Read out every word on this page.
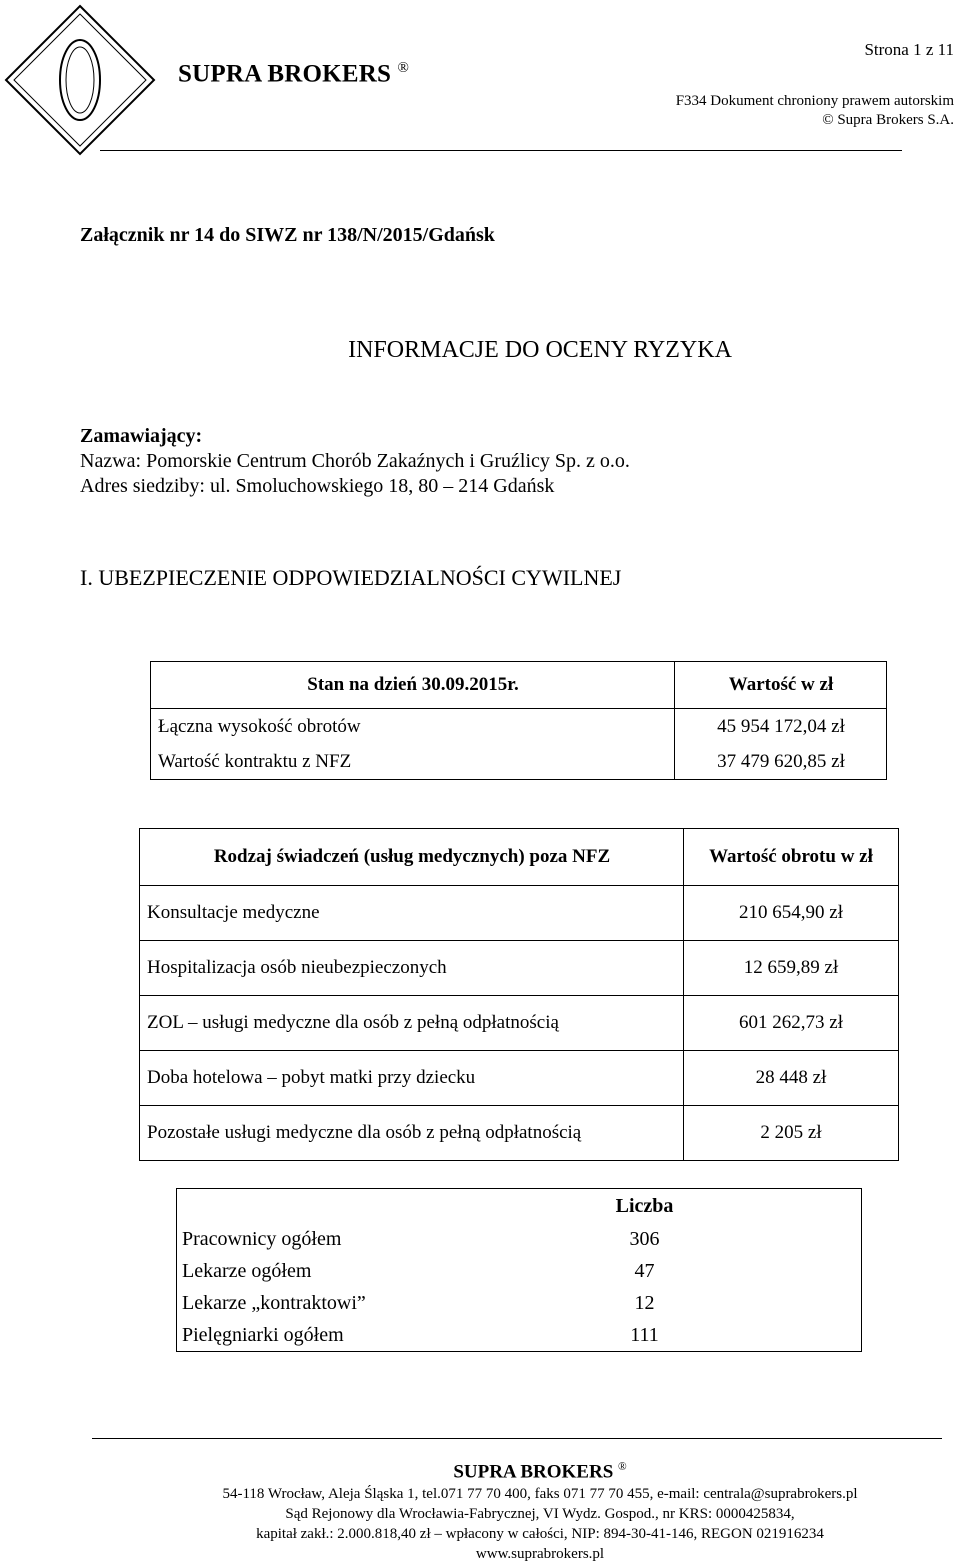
SUPRA BROKERS ®
Strona 1 z 11
F334 Dokument chroniony prawem autorskim
© Supra Brokers S.A.
Załącznik nr 14 do SIWZ nr 138/N/2015/Gdańsk
INFORMACJE DO OCENY RYZYKA
Zamawiający:
Nazwa: Pomorskie Centrum Chorób Zakaźnych i Gruźlicy Sp. z o.o.
Adres siedziby: ul. Smoluchowskiego 18, 80 – 214 Gdańsk
I. UBEZPIECZENIE ODPOWIEDZIALNOŚCI CYWILNEJ
Stan na dzień 30.09.2015r.	Wartość w zł
Łączna wysokość obrotów	45 954 172,04 zł
Wartość kontraktu z NFZ	37 479 620,85 zł
Rodzaj świadczeń (usług medycznych) poza NFZ	Wartość obrotu w zł
Konsultacje medyczne	210 654,90 zł
Hospitalizacja osób nieubezpieczonych	12 659,89 zł
ZOL – usługi medyczne dla osób z pełną odpłatnością	601 262,73 zł
Doba hotelowa – pobyt matki przy dziecku	28 448 zł
Pozostałe usługi medyczne dla osób z pełną odpłatnością	2 205 zł
	Liczba
Pracownicy ogółem	306
Lekarze ogółem	47
Lekarze „kontraktowi”	12
Pielęgniarki ogółem	111
SUPRA BROKERS ®
54-118 Wrocław, Aleja Śląska 1, tel.071 77 70 400, faks 071 77 70 455, e-mail: centrala@suprabrokers.pl
Sąd Rejonowy dla Wrocławia-Fabrycznej, VI Wydz. Gospod., nr KRS: 0000425834,
kapitał zakł.: 2.000.818,40 zł – wpłacony w całości, NIP: 894-30-41-146, REGON 021916234
www.suprabrokers.pl
